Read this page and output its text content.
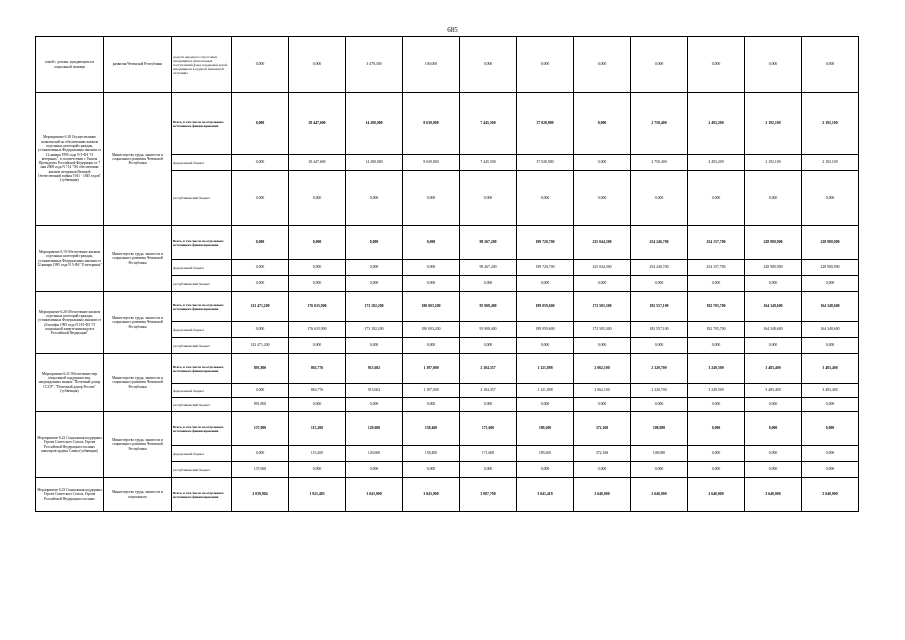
685
семей с детьми, нуждающихся в социальной помощи	развития Чеченской Республики	средств народного стрессовых находящихся обязательных поступлений (фонд поддержки детей, находящихся в трудной жизненной ситуации)	0,000	0,000	3 478,300	100,000	0,000	0,000	0,000	0,000	0,000	0,000	0,000
Мероприятие 6.18 Осуществление полномочий по обеспечению жильем отдельных категорий граждан, установленных Федеральным законом от 12 января 1995 года N 5-ФЗ "О ветеранах", в соответствии с Указом Президента Российской Федерации от 7 мая 2008 года N 714 "Об обеспечении жильем ветеранов Великой Отечественной войны 1941 - 1945 годов" (субвенция)	Министерство труда, занятости и социального развития Чеченской Республики	Всего, в том числе по отдельным источникам финансирования	0,000	29 447,600	14 280,000	8 639,800	7 445,500	37 028,900	0,000	2 750,400	2 493,200	2 192,100	2 192,100
		федеральный бюджет	0,000	29 447,600	14 280,000	8 639,800	7 445,500	37 028,900	0,000	2 750,400	2 493,200	2 192,100	2 192,100
		республиканский бюджет	0,000	0,000	0,000	0,000	0,000	0,000	0,000	0,000	0,000	0,000	0,000
Мероприятие 6.19 Обеспечение жильем отдельных категорий граждан, установленных Федеральным законом от 12 января 1995 года N 5-ФЗ "О ветеранах"	Министерство труда, занятости и социального развития Чеченской Республики	Всего, в том числе по отдельным источникам финансирования	0,000	0,000	0,000	0,000	98 267,200	199 720,700	225 044,300	254 246,700	254 157,700	228 980,900	228 980,900
		федеральный бюджет	0,000	0,000	0,000	0,000	98 267,200	199 720,700	225 044,300	254 246,700	254 157,700	228 980,900	228 980,900
		республиканский бюджет	0,000	0,000	0,000	0,000	0,000	0,000	0,000	0,000	0,000	0,000	0,000
Мероприятие 6.20 Обеспечение жильем отдельных категорий граждан, установленных Федеральным законом от 24 ноября 1995 года N 181-ФЗ "О социальной защите инвалидов в Российской Федерации"	Министерство труда, занятости и социального развития Чеченской Республики	Всего, в том числе по отдельным источникам финансирования	123 471,200	176 635,900	173 182,200	180 003,200	95 908,400	189 059,600	172 505,300	182 557,100	182 705,700	164 348,600	164 348,600
		федеральный бюджет	0,000	176 635,900	173 182,200	180 003,200	95 908,400	189 059,600	172 505,300	182 557,100	182 705,700	164 348,600	164 348,600
		республиканский бюджет	123 471,200	0,000	0,000	0,000	0,000	0,000	0,000	0,000	0,000	0,000	0,000
Мероприятие 6.21 Обеспечение мер социальной поддержки лиц, награжденных знаком "Почетный донор СССР", "Почетный донор России" (субвенция)	Министерство труда, занятости и социального развития Чеченской Республики	Всего, в том числе по отдельным источникам финансирования	891,800	863,776	915,602	1 197,000	2 184,357	1 121,898	2 062,100	2 320,700	3 249,500	3 483,400	3 483,400
		федеральный бюджет	0,000	863,776	915,602	1 197,000	2 184,357	1 121,898	2 062,100	2 320,700	3 249,500	3 483,400	3 483,400
		республиканский бюджет	891,800	0,000	0,000	0,000	0,000	0,000	0,000	0,000	0,000	0,000	0,000
Мероприятие 6.22 Социальная поддержка Героев Советского Союза, Героев Российской Федерации и полных кавалеров ордена Славы (субвенция)	Министерство труда, занятости и социального развития Чеченской Республики	Всего, в том числе по отдельным источникам финансирования	137,000	115,200	129,600	158,400	171,600	189,200	372,168	108,080	0,000	0,000	0,000
		федеральный бюджет	0,000	115,200	129,600	158,400	171,600	189,200	372,168	108,080	0,000	0,000	0,000
		республиканский бюджет	137,000	0,000	0,000	0,000	0,000	0,000	0,000	0,000	0,000	0,000	0,000
Мероприятие 6.23 Социальная поддержка Героев Советского Союза, Героев Российской Федерации и полных	Министерство труда, занятости и социального	Всего, в том числе по отдельным источникам финансирования	2 039,904	1 921,405	3 043,900	3 043,900	3 087,790	3 041,418	2 640,000	2 640,000	2 640,000	2 640,000	2 640,000
